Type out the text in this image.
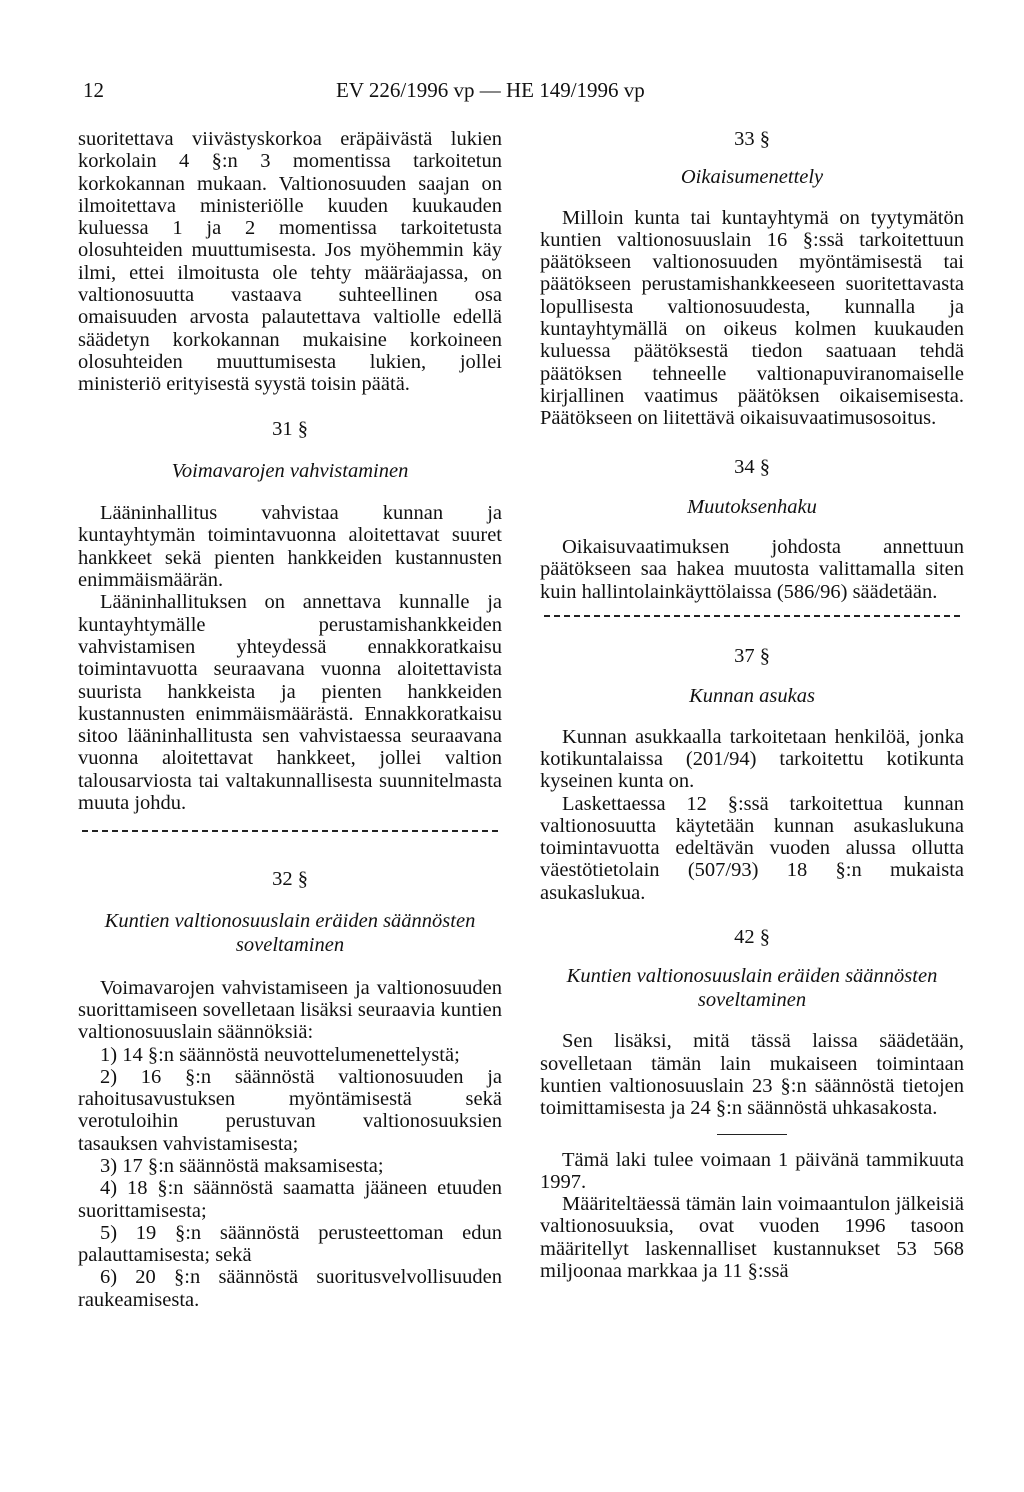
12	EV 226/1996 vp — HE 149/1996 vp

suoritettava viivästyskorkoa eräpäivästä lukien korkolain 4 §:n 3 momentissa tarkoitetun korkokannan mukaan. Valtionosuuden saajan on ilmoitettava ministeriölle kuuden kuukauden kuluessa 1 ja 2 momentissa tarkoitetusta olosuhteiden muuttumisesta. Jos myöhemmin käy ilmi, ettei ilmoitusta ole tehty määräajassa, on valtionosuutta vastaava suhteellinen osa omaisuuden arvosta palautettava valtiolle edellä säädetyn korkokannan mukaisine korkoineen olosuhteiden muuttumisesta lukien, jollei ministeriö erityisestä syystä toisin päätä.

31 §

Voimavarojen vahvistaminen

Lääninhallitus vahvistaa kunnan ja kuntayhtymän toimintavuonna aloitettavat suuret hankkeet sekä pienten hankkeiden kustannusten enimmäismäärän.

Lääninhallituksen on annettava kunnalle ja kuntayhtymälle perustamishankkeiden vahvistamisen yhteydessä ennakkoratkaisu toimintavuotta seuraavana vuonna aloitettavista suurista hankkeista ja pienten hankkeiden kustannusten enimmäismäärästä. Ennakkoratkaisu sitoo lääninhallitusta sen vahvistaessa seuraavana vuonna aloitettavat hankkeet, jollei valtion talousarviosta tai valtakunnallisesta suunnitelmasta muuta johdu.

32 §

Kuntien valtionosuuslain eräiden säännösten soveltaminen

Voimavarojen vahvistamiseen ja valtionosuuden suorittamiseen sovelletaan lisäksi seuraavia kuntien valtionosuuslain säännöksiä:

1) 14 §:n säännöstä neuvottelumenettelystä;

2) 16 §:n säännöstä valtionosuuden ja rahoitusavustuksen myöntämisestä sekä verotuloihin perustuvan valtionosuuksien tasauksen vahvistamisesta;

3) 17 §:n säännöstä maksamisesta;

4) 18 §:n säännöstä saamatta jääneen etuuden suorittamisesta;

5) 19 §:n säännöstä perusteettoman edun palauttamisesta; sekä

6) 20 §:n säännöstä suoritusvelvollisuuden raukeamisesta.

33 §

Oikaisumenettely

Milloin kunta tai kuntayhtymä on tyytymätön kuntien valtionosuuslain 16 §:ssä tarkoitettuun päätökseen valtionosuuden myöntämisestä tai päätökseen perustamishankkeeseen suoritettavasta lopullisesta valtionosuudesta, kunnalla ja kuntayhtymällä on oikeus kolmen kuukauden kuluessa päätöksestä tiedon saatuaan tehdä päätöksen tehneelle valtionapuviranomaiselle kirjallinen vaatimus päätöksen oikaisemisesta. Päätökseen on liitettävä oikaisuvaatimusosoitus.

34 §

Muutoksenhaku

Oikaisuvaatimuksen johdosta annettuun päätökseen saa hakea muutosta valittamalla siten kuin hallintolainkäyttölaissa (586/96) säädetään.

37 §

Kunnan asukas

Kunnan asukkaalla tarkoitetaan henkilöä, jonka kotikuntalaissa (201/94) tarkoitettu kotikunta kyseinen kunta on.

Laskettaessa 12 §:ssä tarkoitettua kunnan valtionosuutta käytetään kunnan asukaslukuna toimintavuotta edeltävän vuoden alussa ollutta väestötietolain (507/93) 18 §:n mukaista asukaslukua.

42 §

Kuntien valtionosuuslain eräiden säännösten soveltaminen

Sen lisäksi, mitä tässä laissa säädetään, sovelletaan tämän lain mukaiseen toimintaan kuntien valtionosuuslain 23 §:n säännöstä tietojen toimittamisesta ja 24 §:n säännöstä uhkasakosta.

Tämä laki tulee voimaan 1 päivänä tammikuuta 1997.

Määriteltäessä tämän lain voimaantulon jälkeisiä valtionosuuksia, ovat vuoden 1996 tasoon määritellyt laskennalliset kustannukset 53 568 miljoonaa markkaa ja 11 §:ssä
